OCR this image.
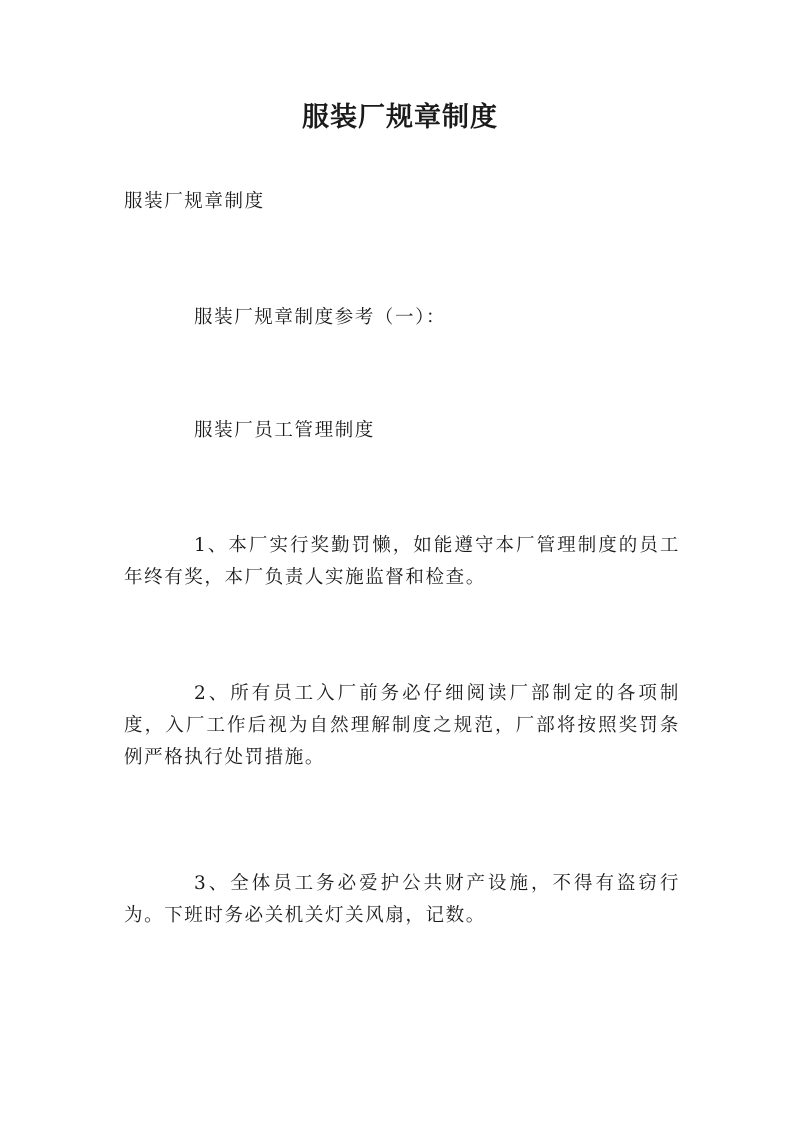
服装厂规章制度

服装厂规章制度

服装厂规章制度参考（一）：

服装厂员工管理制度

1、本厂实行奖勤罚懒，如能遵守本厂管理制度的员工年终有奖，本厂负责人实施监督和检查。

2、所有员工入厂前务必仔细阅读厂部制定的各项制度，入厂工作后视为自然理解制度之规范，厂部将按照奖罚条例严格执行处罚措施。

3、全体员工务必爱护公共财产设施，不得有盗窃行为。下班时务必关机关灯关风扇，记数。
